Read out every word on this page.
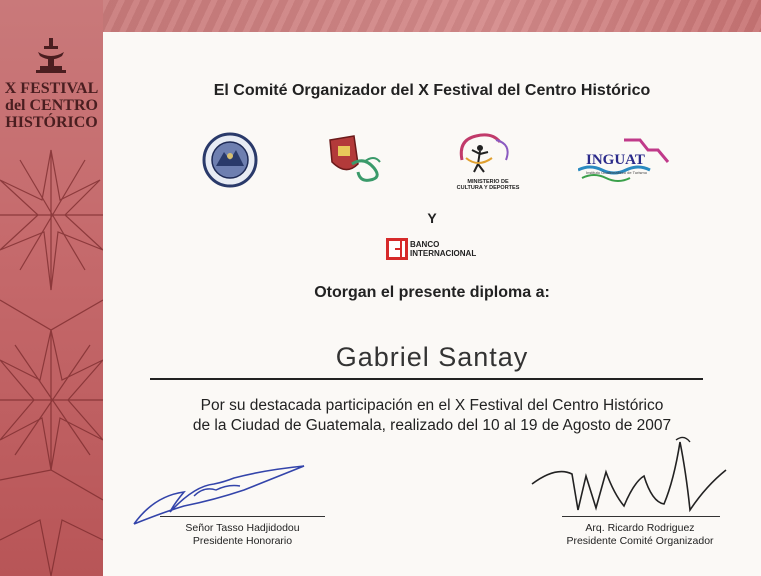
X FESTIVAL
del CENTRO
HISTÓRICO
El Comité Organizador del X Festival del Centro Histórico
MINISTERIO DE
CULTURA Y DEPORTES
INGUAT
Instituto Guatemalteco de Turismo
Y
BANCO
INTERNACIONAL
Otorgan el presente diploma a:
Gabriel Santay
Por su destacada participación en el X Festival del Centro Histórico
de la Ciudad de Guatemala, realizado del 10 al 19 de Agosto de 2007
Señor Tasso Hadjidodou
Presidente Honorario
Arq. Ricardo Rodriguez
Presidente Comité Organizador
